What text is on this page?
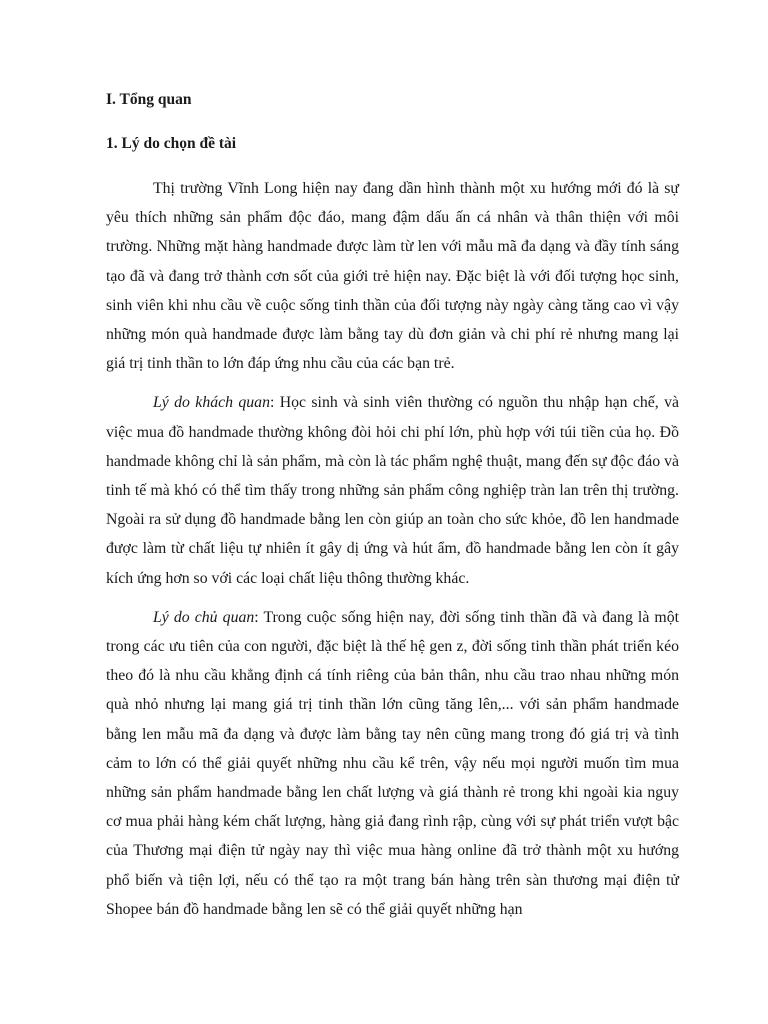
I. Tổng quan

1. Lý do chọn đề tài

Thị trường Vĩnh Long hiện nay đang dần hình thành một xu hướng mới đó là sự yêu thích những sản phẩm độc đáo, mang đậm dấu ấn cá nhân và thân thiện với môi trường. Những mặt hàng handmade được làm từ len với mẫu mã đa dạng và đầy tính sáng tạo đã và đang trở thành cơn sốt của giới trẻ hiện nay. Đặc biệt là với đối tượng học sinh, sinh viên khi nhu cầu về cuộc sống tinh thần của đối tượng này ngày càng tăng cao vì vậy những món quà handmade được làm bằng tay dù đơn giản và chi phí rẻ nhưng mang lại giá trị tinh thần to lớn đáp ứng nhu cầu của các bạn trẻ.

Lý do khách quan: Học sinh và sinh viên thường có nguồn thu nhập hạn chế, và việc mua đồ handmade thường không đòi hỏi chi phí lớn, phù hợp với túi tiền của họ. Đồ handmade không chỉ là sản phẩm, mà còn là tác phẩm nghệ thuật, mang đến sự độc đáo và tinh tế mà khó có thể tìm thấy trong những sản phẩm công nghiệp tràn lan trên thị trường. Ngoài ra sử dụng đồ handmade bằng len còn giúp an toàn cho sức khỏe, đồ len handmade được làm từ chất liệu tự nhiên ít gây dị ứng và hút ẩm, đồ handmade bằng len còn ít gây kích ứng hơn so với các loại chất liệu thông thường khác.

Lý do chủ quan: Trong cuộc sống hiện nay, đời sống tinh thần đã và đang là một trong các ưu tiên của con người, đặc biệt là thế hệ gen z, đời sống tinh thần phát triển kéo theo đó là nhu cầu khẳng định cá tính riêng của bản thân, nhu cầu trao nhau những món quà nhỏ nhưng lại mang giá trị tinh thần lớn cũng tăng lên,... với sản phẩm handmade bằng len mẫu mã đa dạng và được làm bằng tay nên cũng mang trong đó giá trị và tình cảm to lớn có thể giải quyết những nhu cầu kể trên, vậy nếu mọi người muốn tìm mua những sản phẩm handmade bằng len chất lượng và giá thành rẻ trong khi ngoài kia nguy cơ mua phải hàng kém chất lượng, hàng giả đang rình rập, cùng với sự phát triển vượt bậc của Thương mại điện tử ngày nay thì việc mua hàng online đã trở thành một xu hướng phổ biến và tiện lợi, nếu có thể tạo ra một trang bán hàng trên sàn thương mại điện tử Shopee bán đồ handmade bằng len sẽ có thể giải quyết những hạn
